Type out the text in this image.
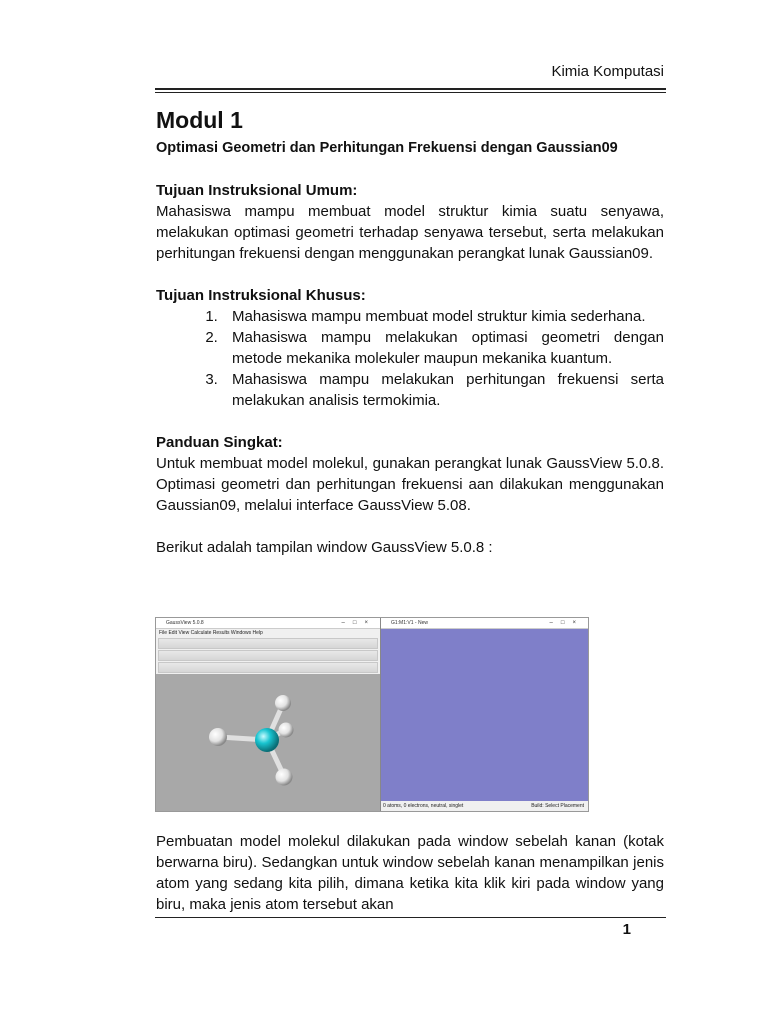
Kimia Komputasi
Modul 1
Optimasi Geometri dan Perhitungan Frekuensi dengan Gaussian09
Tujuan Instruksional Umum:

Mahasiswa mampu membuat model struktur kimia suatu senyawa, melakukan optimasi geometri terhadap senyawa tersebut, serta melakukan perhitungan frekuensi dengan menggunakan perangkat lunak Gaussian09.

Tujuan Instruksional Khusus:
1. Mahasiswa mampu membuat model struktur kimia sederhana.
2. Mahasiswa mampu melakukan optimasi geometri dengan metode mekanika molekuler maupun mekanika kuantum.
3. Mahasiswa mampu melakukan perhitungan frekuensi serta melakukan analisis termokimia.
Panduan Singkat:

Untuk membuat model molekul, gunakan perangkat lunak GaussView 5.0.8. Optimasi geometri dan perhitungan frekuensi aan dilakukan menggunakan Gaussian09, melalui interface GaussView 5.08.

Berikut adalah tampilan window GaussView 5.0.8 :

GaussView 5.0.8	–□×
File Edit View Calculate Results Windows Help
G1:M1:V1 - New	–□×
0 atoms, 0 electrons, neutral, singlet	Build: Select Placement

Pembuatan model molekul dilakukan pada window sebelah kanan (kotak berwarna biru). Sedangkan untuk window sebelah kanan menampilkan jenis atom yang sedang kita pilih, dimana ketika kita klik kiri pada window yang biru, maka jenis atom tersebut akan

1
